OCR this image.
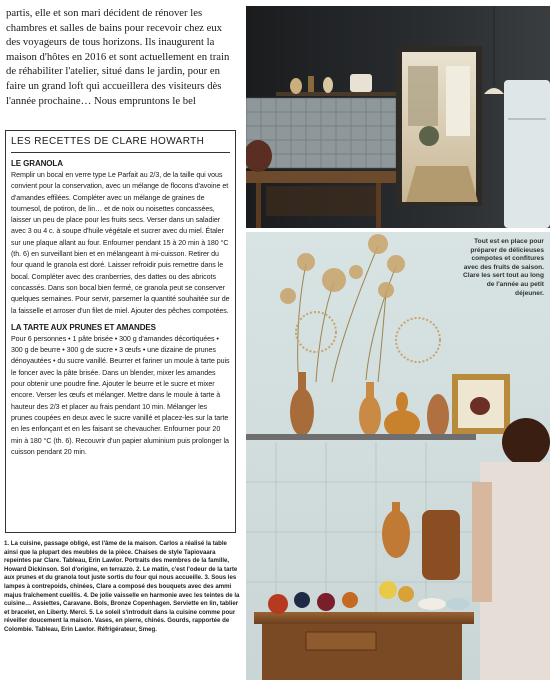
partis, elle et son mari décident de rénover les chambres et salles de bains pour recevoir chez eux des voyageurs de tous horizons. Ils inaugurent la maison d'hôtes en 2016 et sont actuellement en train de réhabiliter l'atelier, situé dans le jardin, pour en faire un grand loft qui accueillera des visiteurs dès l'année prochaine… Nous empruntons le bel

LES RECETTES DE CLARE HOWARTH
LE GRANOLA

Remplir un bocal en verre type Le Parfait au 2/3, de la taille qui vous convient pour la conservation, avec un mélange de flocons d'avoine et d'amandes effilées. Compléter avec un mélange de graines de tournesol, de potiron, de lin… et de noix ou noisettes concassées, laisser un peu de place pour les fruits secs. Verser dans un saladier avec 3 ou 4 c. à soupe d'huile végétale et sucrer avec du miel. Étaler sur une plaque allant au four. Enfourner pendant 15 à 20 min à 180 °C (th. 6) en surveillant bien et en mélangeant à mi-cuisson. Retirer du four quand le granola est doré. Laisser refroidir puis remettre dans le bocal. Compléter avec des cranberries, des dattes ou des abricots concassés. Dans son bocal bien fermé, ce granola peut se conserver quelques semaines. Pour servir, parsemer la quantité souhaitée sur de la faisselle et arroser d'un filet de miel. Ajouter des pêches compotées.

LA TARTE AUX PRUNES ET AMANDES

Pour 6 personnes • 1 pâte brisée • 300 g d'amandes décortiquées • 300 g de beurre • 300 g de sucre • 3 œufs • une dizaine de prunes dénoyautées • du sucre vanillé. Beurrer et fariner un moule à tarte puis le foncer avec la pâte brisée. Dans un blender, mixer les amandes pour obtenir une poudre fine. Ajouter le beurre et le sucre et mixer encore. Verser les œufs et mélanger. Mettre dans le moule à tarte à hauteur des 2/3 et placer au frais pendant 10 min. Mélanger les prunes coupées en deux avec le sucre vanillé et placez-les sur la tarte en les enfonçant et en les faisant se chevaucher. Enfourner pour 20 min à 180 °C (th. 6). Recouvrir d'un papier aluminium puis prolonger la cuisson pendant 20 min.

1. La cuisine, passage obligé, est l'âme de la maison. Carlos a réalisé la table ainsi que la plupart des meubles de la pièce. Chaises de style Tapiovaara repeintes par Clare. Tableau, Erin Lawlor. Portraits des membres de la famille, Howard Dickinson. Sol d'origine, en terrazzo. 2. Le matin, c'est l'odeur de la tarte aux prunes et du granola tout juste sortis du four qui nous accueille. 3. Sous les lampes à contrepoids, chinées, Clare a composé des bouquets avec des ammi majus fraîchement cueillis. 4. De jolie vaisselle en harmonie avec les teintes de la cuisine… Assiettes, Caravane. Bols, Bronze Copenhagen. Serviette en lin, tablier et bracelet, en Liberty. Merci. 5. Le soleil s'introduit dans la cuisine comme pour réveiller doucement la maison. Vases, en pierre, chinés. Gourds, rapportée de Colombie. Tableau, Erin Lawlor. Réfrigérateur, Smeg.

Tout est en place pour préparer de délicieuses compotes et confitures avec des fruits de saison. Clare les sert tout au long de l'année au petit déjeuner.
